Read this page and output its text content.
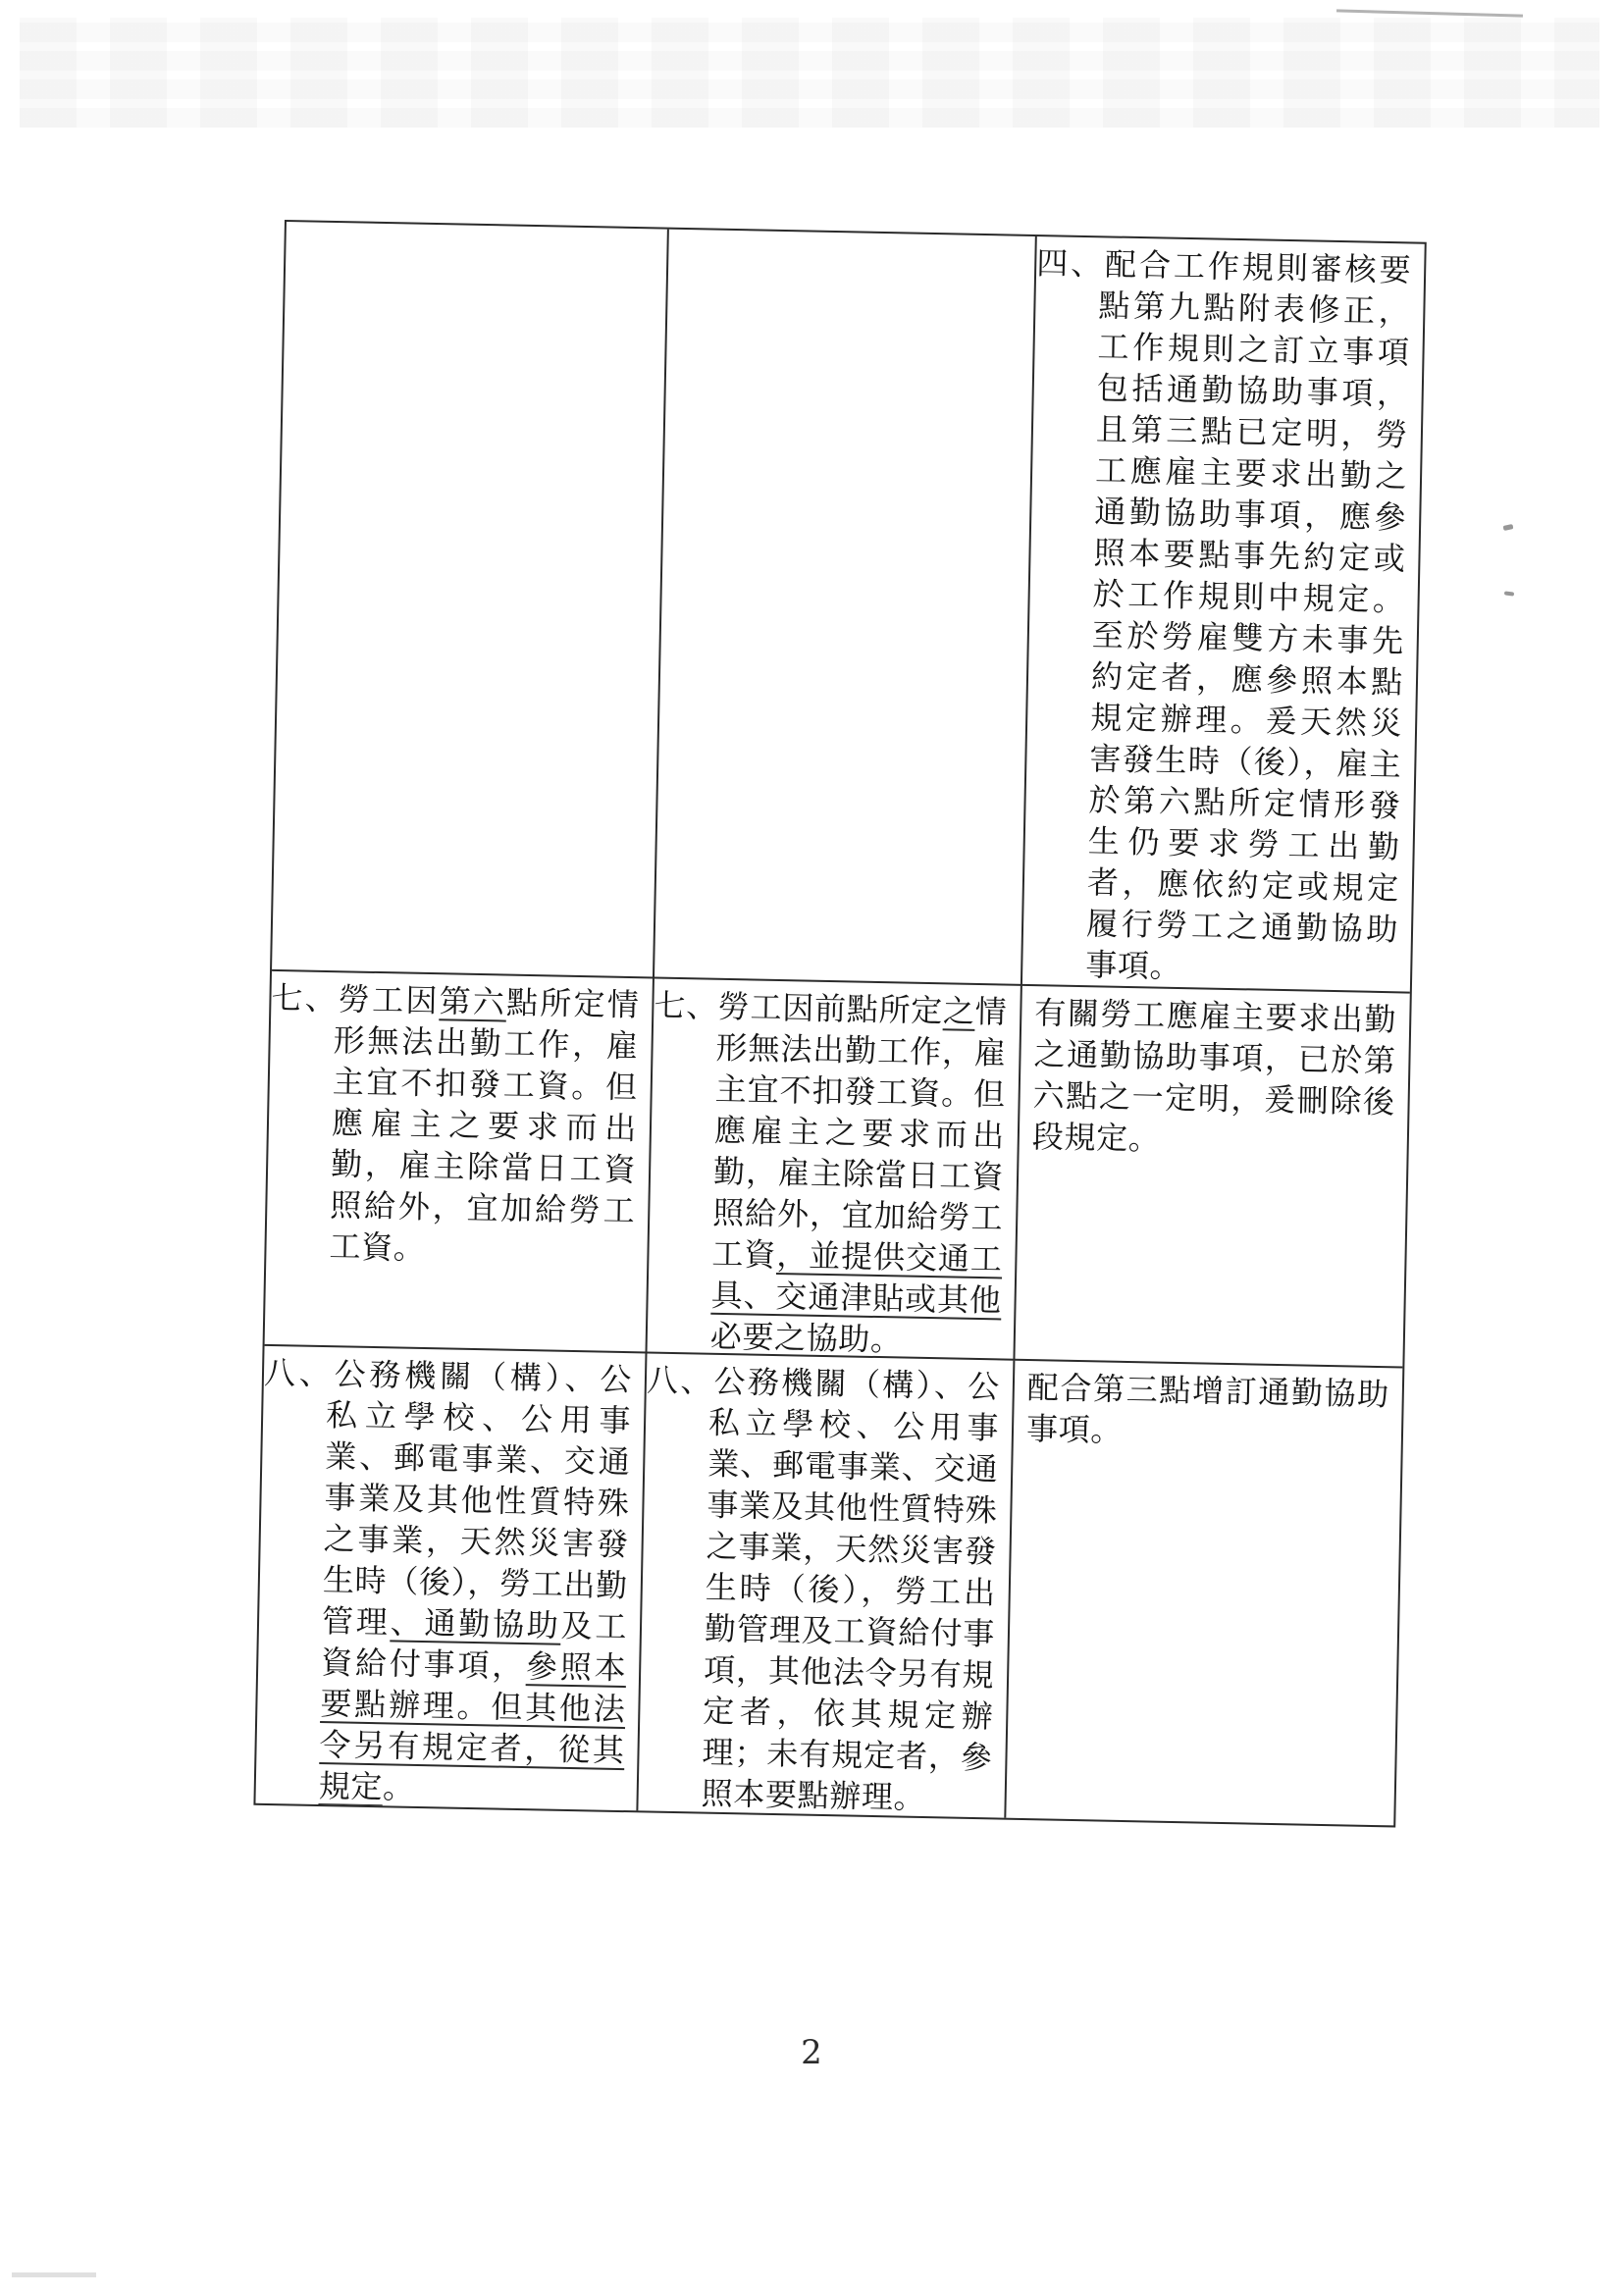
四、配合工作規則審核要點第九點附表修正，工作規則之訂立事項包括通勤協助事項，且第三點已定明，勞工應雇主要求出勤之通勤協助事項，應參照本要點事先約定或於工作規則中規定。至於勞雇雙方未事先約定者，應參照本點規定辦理。爰天然災害發生時（後），雇主於第六點所定情形發生仍要求勞工出勤者，應依約定或規定履行勞工之通勤協助事項。
七、勞工因第六點所定情形無法出勤工作，雇主宜不扣發工資。但應雇主之要求而出勤，雇主除當日工資照給外，宜加給勞工工資。
七、勞工因前點所定之情形無法出勤工作，雇主宜不扣發工資。但應雇主之要求而出勤，雇主除當日工資照給外，宜加給勞工工資，並提供交通工具、交通津貼或其他必要之協助。
有關勞工應雇主要求出勤之通勤協助事項，已於第六點之一定明，爰刪除後段規定。
八、公務機關（構）、公私立學校、公用事業、郵電事業、交通事業及其他性質特殊之事業，天然災害發生時（後），勞工出勤管理、通勤協助及工資給付事項，參照本要點辦理。但其他法令另有規定者，從其規定。
八、公務機關（構）、公私立學校、公用事業、郵電事業、交通事業及其他性質特殊之事業，天然災害發生時（後），勞工出勤管理及工資給付事項，其他法令另有規定者，依其規定辦理；未有規定者，參照本要點辦理。
配合第三點增訂通勤協助事項。
2
